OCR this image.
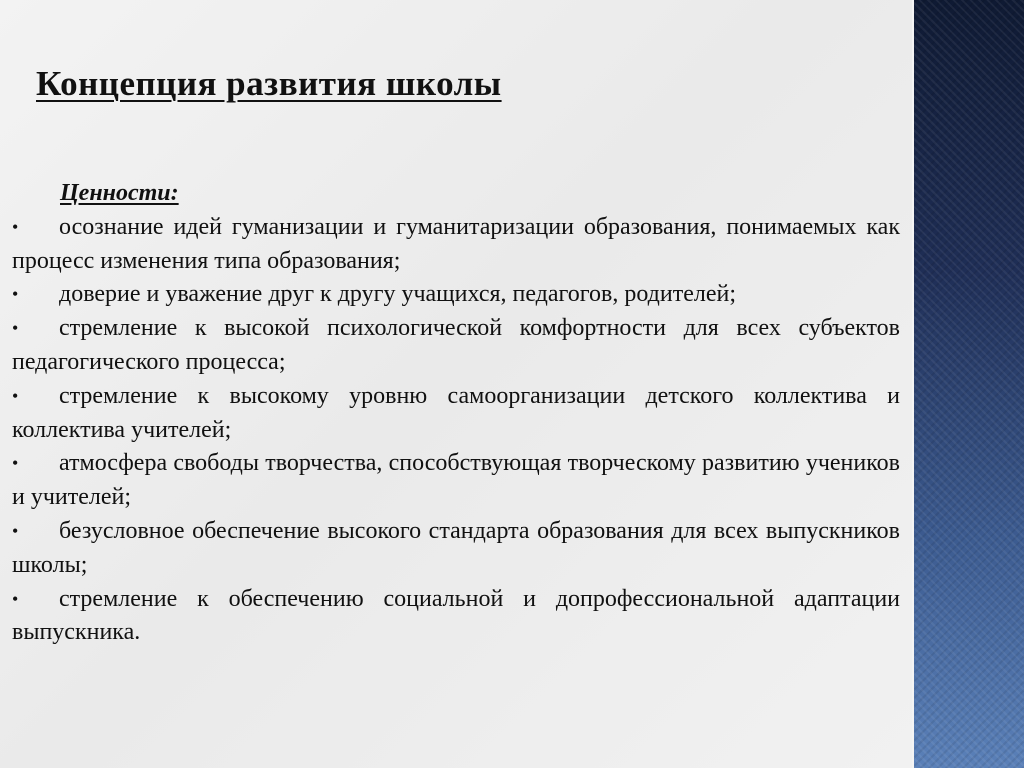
Концепция развития школы
Ценности:
• осознание идей гуманизации и гуманитаризации образования, понимаемых как процесс изменения типа образования;
• доверие и уважение друг к другу учащихся, педагогов, родителей;
• стремление к высокой психологической комфортности для всех субъектов педагогического процесса;
• стремление к высокому уровню самоорганизации детского коллектива и коллектива учителей;
• атмосфера свободы творчества, способствующая творческому развитию учеников и учителей;
• безусловное обеспечение высокого стандарта образования для всех выпускников школы;
• стремление к обеспечению социальной и допрофессиональной адаптации выпускника.
